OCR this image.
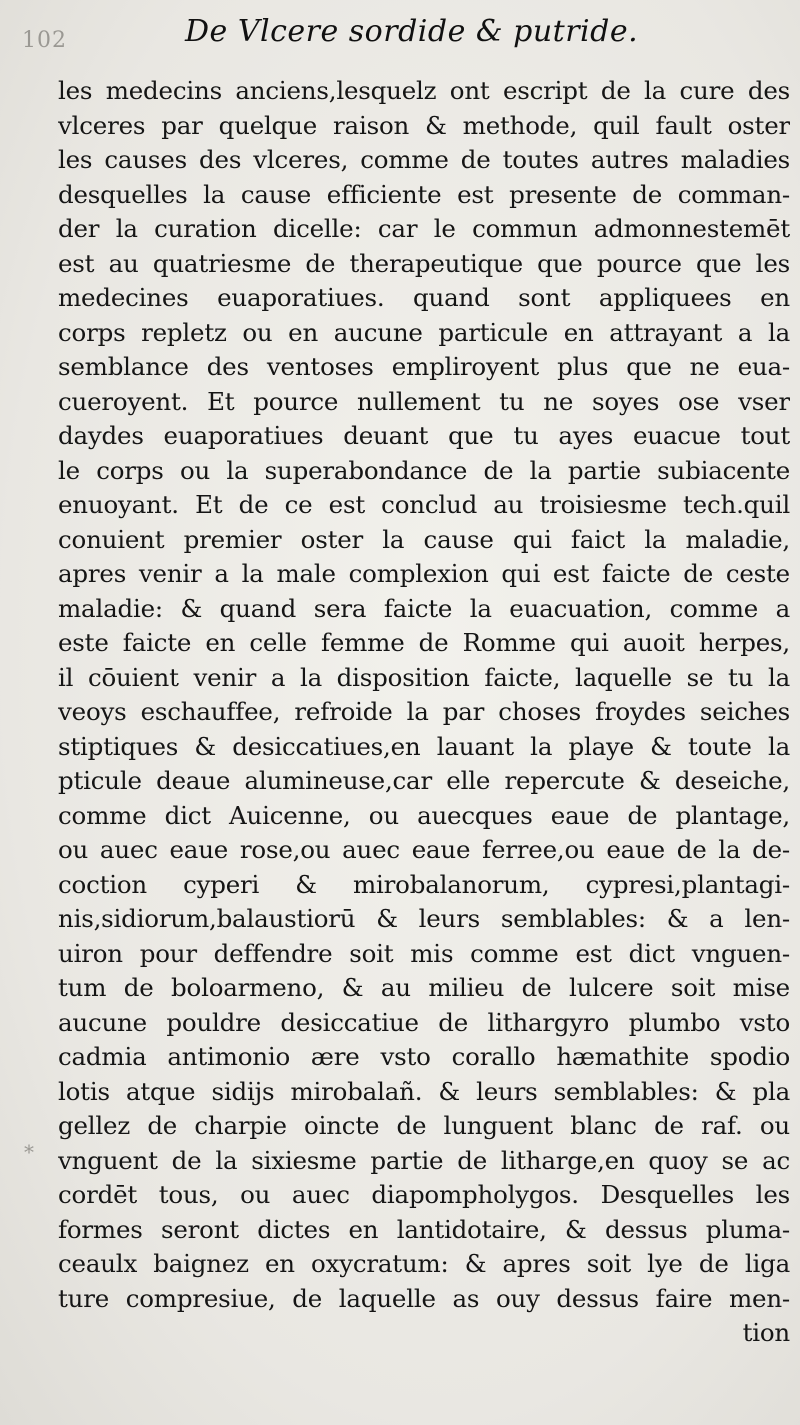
102	De Vlcere sordide & putride.
les medecins anciens,lesquelz ont escript de la cure des
vlceres par quelque raison & methode, quil fault oster
les causes des vlceres, comme de toutes autres maladies
desquelles la cause efficiente est presente de comman-
der la curation dicelle: car le commun admonnestemēt
est au quatriesme de therapeutique que pource que les
medecines euaporatiues. quand sont appliquees en
corps repletz ou en aucune particule en attrayant a la
semblance des ventoses empliroyent plus que ne eua-
cueroyent. Et pource nullement tu ne soyes ose vser
daydes euaporatiues deuant que tu ayes euacue tout
le corps ou la superabondance de la partie subiacente
enuoyant. Et de ce est conclud au troisiesme tech.quil
conuient premier oster la cause qui faict la maladie,
apres venir a la male complexion qui est faicte de ceste
maladie: & quand sera faicte la euacuation, comme a
este faicte en celle femme de Romme qui auoit herpes,
il cōuient venir a la disposition faicte, laquelle se tu la
veoys eschauffee, refroide la par choses froydes seiches
stiptiques & desiccatiues,en lauant la playe & toute la
pticule deaue alumineuse,car elle repercute & deseiche,
comme dict Auicenne, ou auecques eaue de plantage,
ou auec eaue rose,ou auec eaue ferree,ou eaue de la de-
coction cyperi & mirobalanorum, cypresi,plantagi-
nis,sidiorum,balaustiorū & leurs semblables: & a len-
uiron pour deffendre soit mis comme est dict vnguen-
tum de boloarmeno, & au milieu de lulcere soit mise
aucune pouldre desiccatiue de lithargyro plumbo vsto
cadmia antimonio ære vsto corallo hæmathite spodio
lotis atque sidijs mirobalañ. & leurs semblables: & pla
gellez de charpie oincte de lunguent blanc de raf. ou
vnguent de la sixiesme partie de litharge,en quoy se ac
cordēt tous, ou auec diapompholygos. Desquelles les
formes seront dictes en lantidotaire, & dessus pluma-
ceaulx baignez en oxycratum: & apres soit lye de liga
ture compresiue, de laquelle as ouy dessus faire men-
tion
*
